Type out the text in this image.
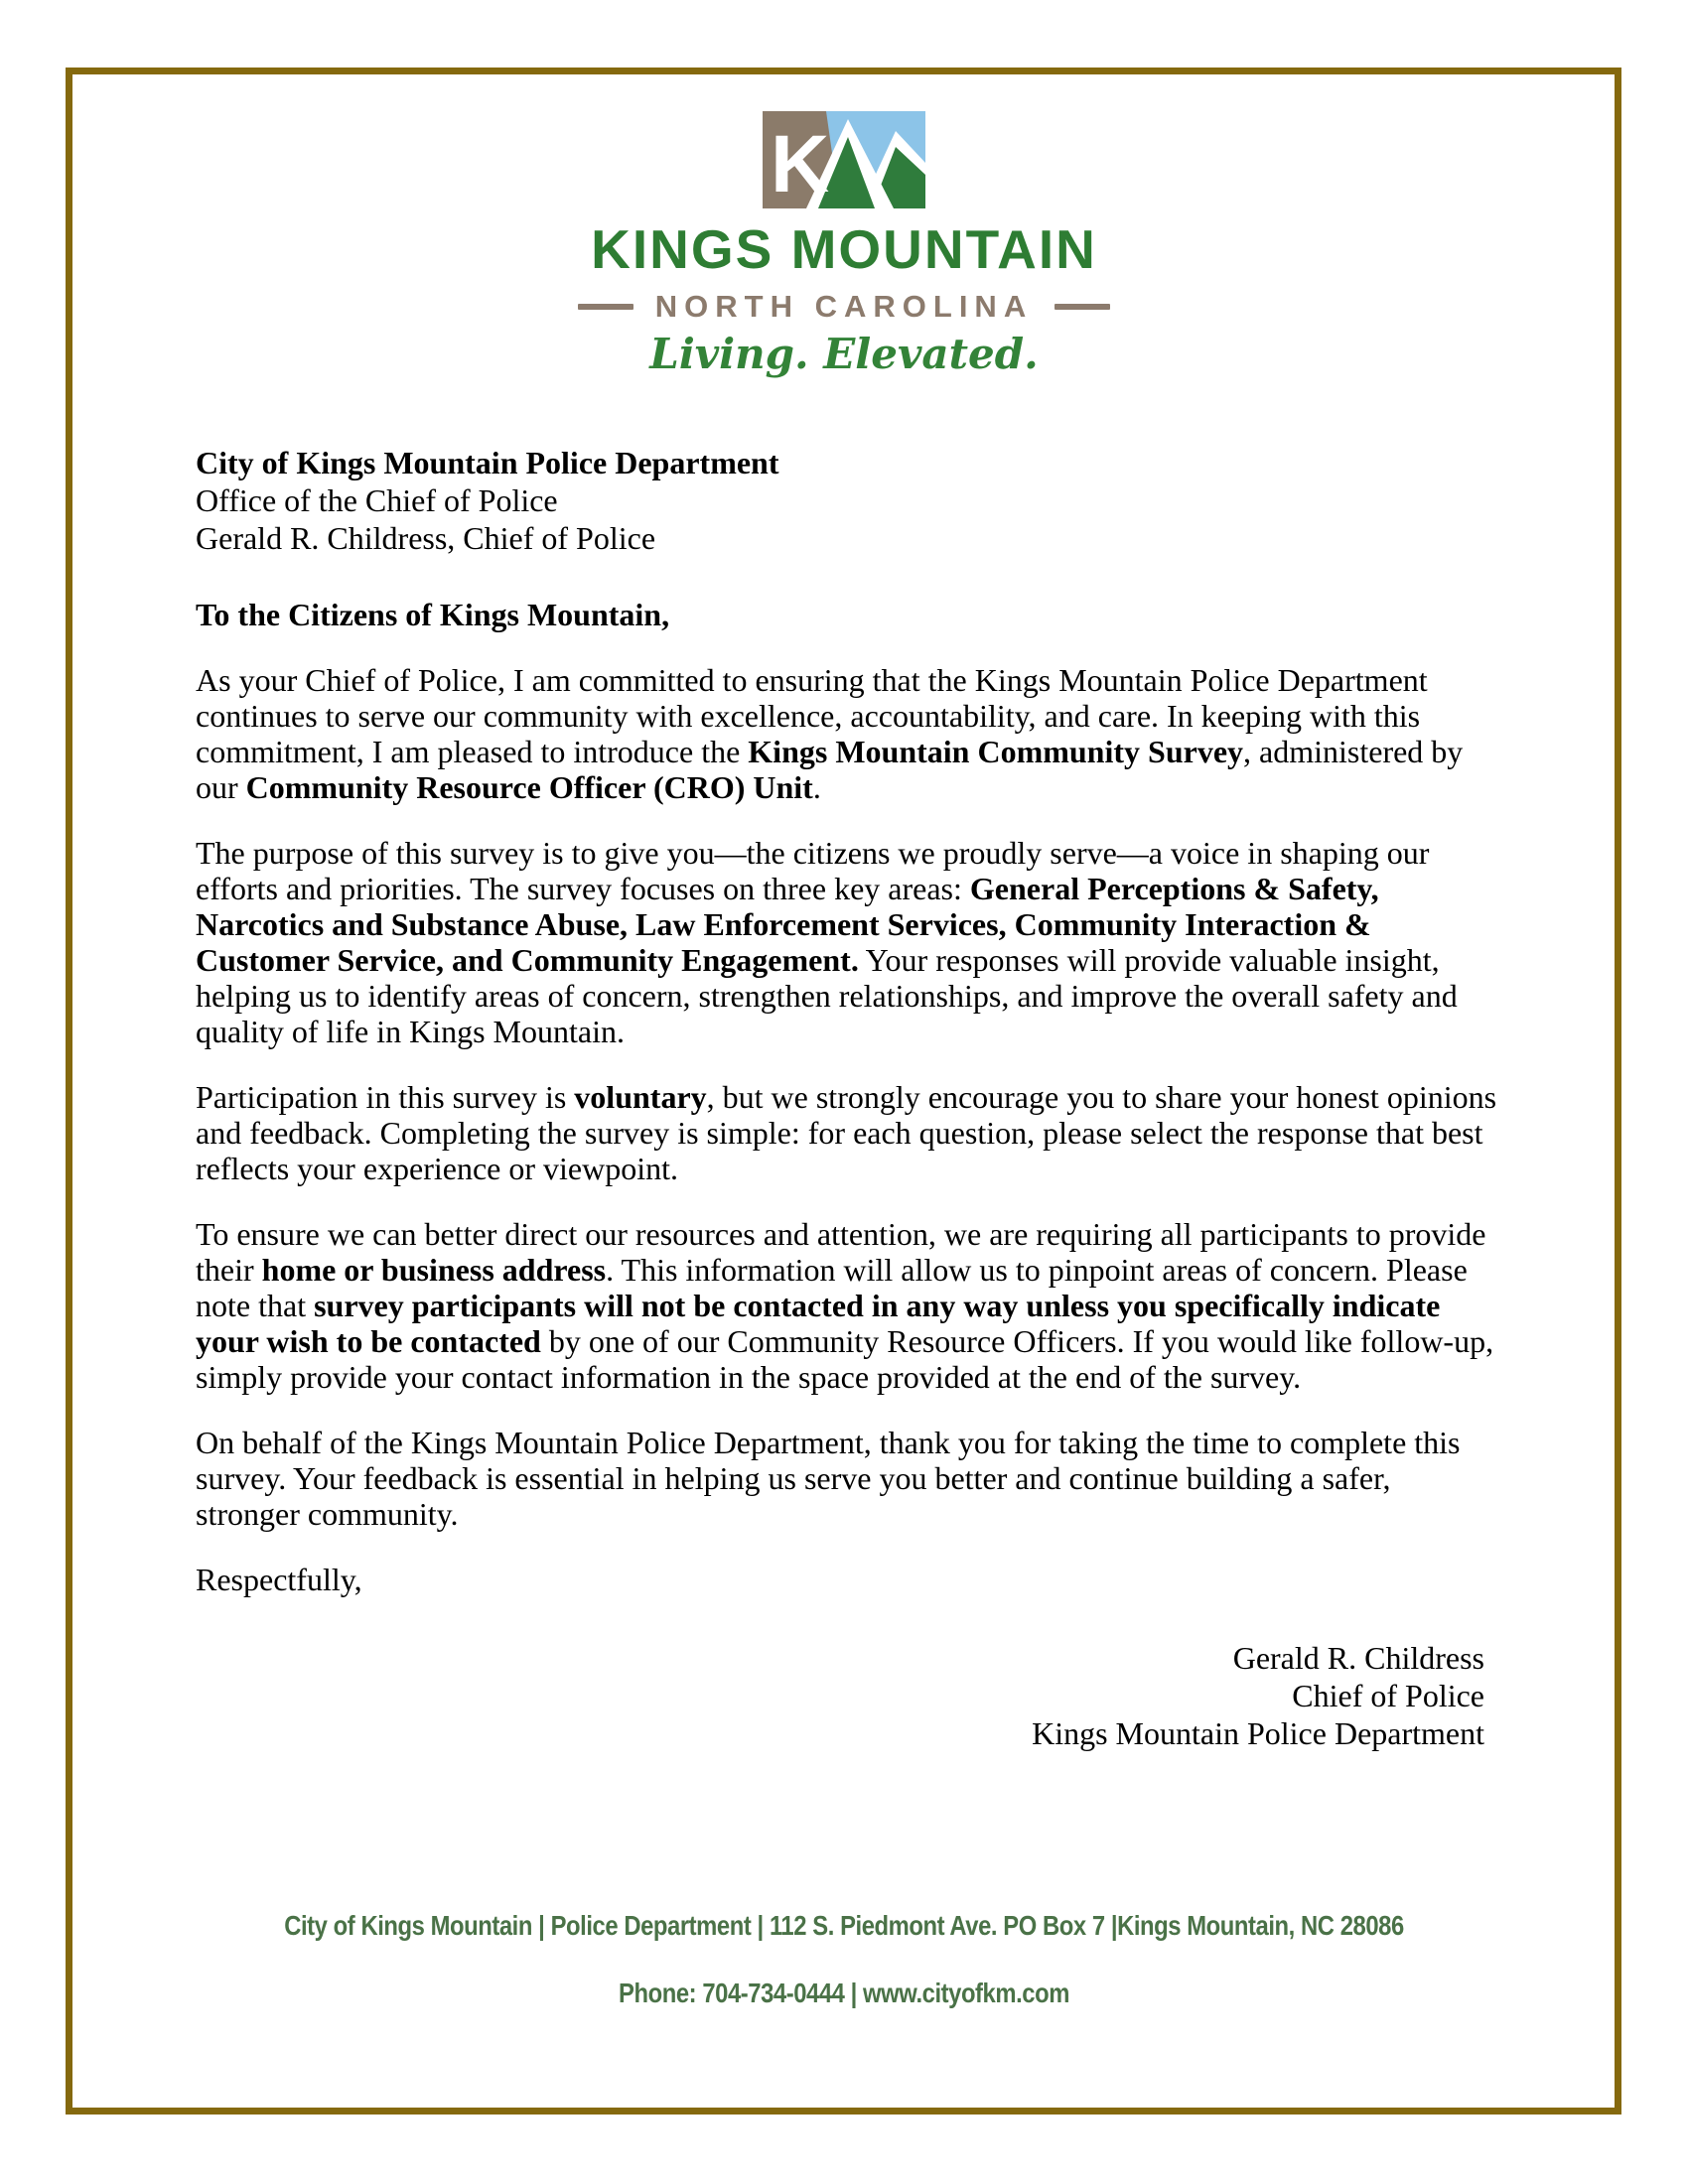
K
KINGS MOUNTAIN
NORTH CAROLINA
Living. Elevated.
City of Kings Mountain Police Department
Office of the Chief of Police
Gerald R. Childress, Chief of Police

To the Citizens of Kings Mountain,

As your Chief of Police, I am committed to ensuring that the Kings Mountain Police Department continues to serve our community with excellence, accountability, and care. In keeping with this commitment, I am pleased to introduce the Kings Mountain Community Survey, administered by our Community Resource Officer (CRO) Unit.

The purpose of this survey is to give you—the citizens we proudly serve—a voice in shaping our efforts and priorities. The survey focuses on three key areas: General Perceptions & Safety, Narcotics and Substance Abuse, Law Enforcement Services, Community Interaction & Customer Service, and Community Engagement. Your responses will provide valuable insight, helping us to identify areas of concern, strengthen relationships, and improve the overall safety and quality of life in Kings Mountain.

Participation in this survey is voluntary, but we strongly encourage you to share your honest opinions and feedback. Completing the survey is simple: for each question, please select the response that best reflects your experience or viewpoint.

To ensure we can better direct our resources and attention, we are requiring all participants to provide their home or business address. This information will allow us to pinpoint areas of concern. Please note that survey participants will not be contacted in any way unless you specifically indicate your wish to be contacted by one of our Community Resource Officers. If you would like follow-up, simply provide your contact information in the space provided at the end of the survey.

On behalf of the Kings Mountain Police Department, thank you for taking the time to complete this survey. Your feedback is essential in helping us serve you better and continue building a safer, stronger community.

Respectfully,

Gerald R. Childress
Chief of Police
Kings Mountain Police Department
City of Kings Mountain | Police Department | 112 S. Piedmont Ave. PO Box 7 |Kings Mountain, NC 28086
Phone: 704-734-0444 | www.cityofkm.com
